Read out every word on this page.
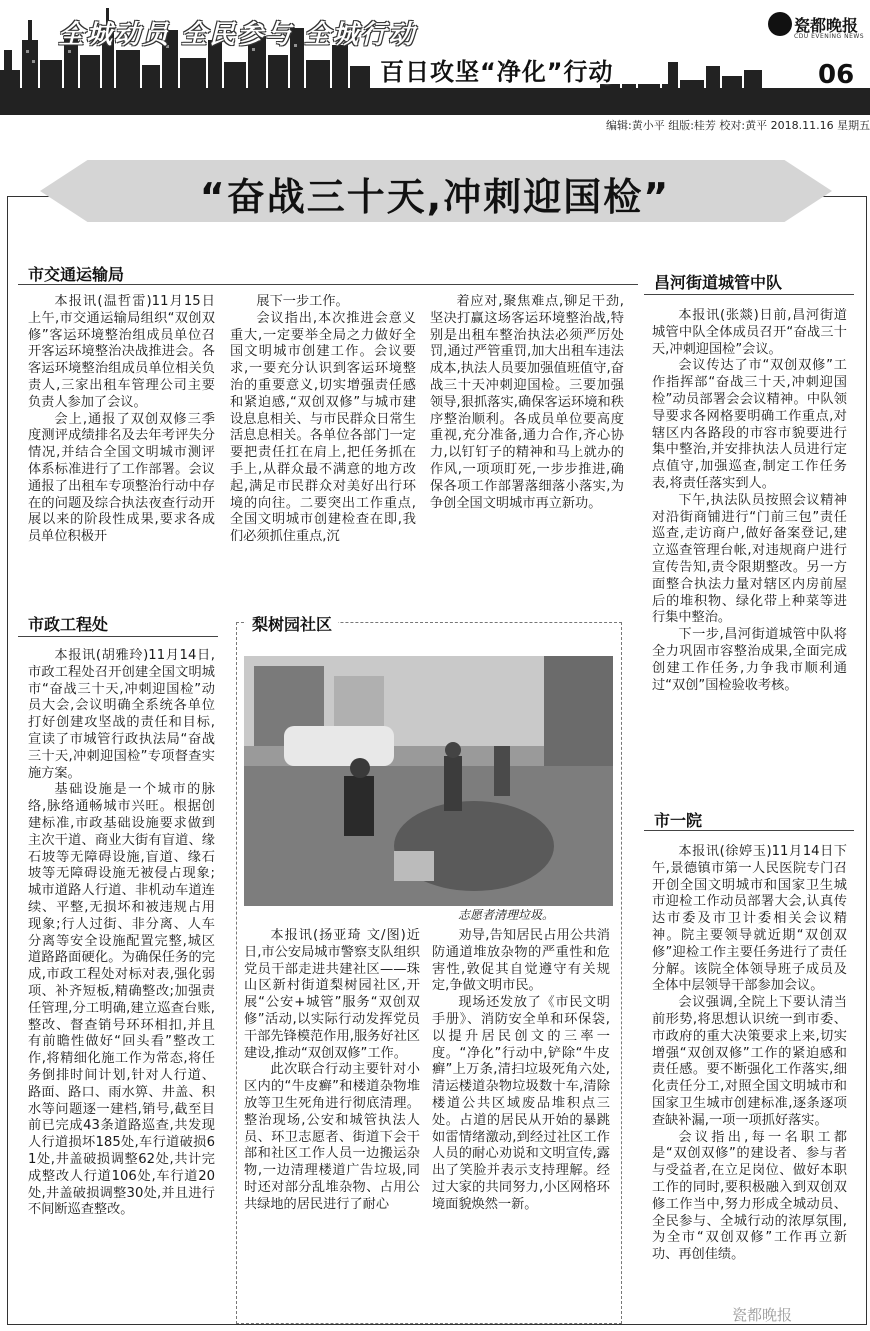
全城动员 全民参与 全城行动
百日攻坚“净化”行动
瓷都晚报
CDU EVENING NEWS
06
编辑:黄小平 组版:桂芳 校对:黄平 2018.11.16 星期五
“奋战三十天,冲刺迎国检”
市交通运输局

本报讯(温哲雷)11月15日上午,市交通运输局组织“双创双修”客运环境整治组成员单位召开客运环境整治决战推进会。各客运环境整治组成员单位相关负责人,三家出租车管理公司主要负责人参加了会议。

会上,通报了双创双修三季度测评成绩排名及去年考评失分情况,并结合全国文明城市测评体系标准进行了工作部署。会议通报了出租车专项整治行动中存在的问题及综合执法夜查行动开展以来的阶段性成果,要求各成员单位积极开

展下一步工作。

会议指出,本次推进会意义重大,一定要举全局之力做好全国文明城市创建工作。会议要求,一要充分认识到客运环境整治的重要意义,切实增强责任感和紧迫感,“双创双修”与城市建设息息相关、与市民群众日常生活息息相关。各单位各部门一定要把责任扛在肩上,把任务抓在手上,从群众最不满意的地方改起,满足市民群众对美好出行环境的向往。二要突出工作重点,全国文明城市创建检查在即,我们必须抓住重点,沉

着应对,聚焦难点,铆足干劲,坚决打赢这场客运环境整治战,特别是出租车整治执法必须严厉处罚,通过严管重罚,加大出租车违法成本,执法人员要加强值班值守,奋战三十天冲刺迎国检。三要加强领导,狠抓落实,确保客运环境和秩序整治顺利。各成员单位要高度重视,充分准备,通力合作,齐心协力,以钉钉子的精神和马上就办的作风,一项项盯死,一步步推进,确保各项工作部署落细落小落实,为争创全国文明城市再立新功。

市政工程处

本报讯(胡雅玲)11月14日,市政工程处召开创建全国文明城市“奋战三十天,冲刺迎国检”动员大会,会议明确全系统各单位打好创建攻坚战的责任和目标,宣读了市城管行政执法局“奋战三十天,冲刺迎国检”专项督查实施方案。

基础设施是一个城市的脉络,脉络通畅城市兴旺。根据创建标准,市政基础设施要求做到主次干道、商业大街有盲道、缘石坡等无障碍设施,盲道、缘石坡等无障碍设施无被侵占现象;城市道路人行道、非机动车道连续、平整,无损坏和被违规占用现象;行人过街、非分离、人车分离等安全设施配置完整,城区道路路面硬化。为确保任务的完成,市政工程处对标对表,强化弱项、补齐短板,精确整改;加强责任管理,分工明确,建立巡查台账,整改、督查销号环环相扣,并且有前瞻性做好“回头看”整改工作,将精细化施工作为常态,将任务倒排时间计划,针对人行道、路面、路口、雨水箅、井盖、积水等问题逐一建档,销号,截至目前已完成43条道路巡查,共发现人行道损坏185处,车行道破损61处,井盖破损调整62处,共计完成整改人行道106处,车行道20处,井盖破损调整30处,并且进行不间断巡查整改。

梨树园社区
志愿者清理垃圾。

本报讯(扬亚琦 文/图)近日,市公安局城市警察支队组织党员干部走进共建社区——珠山区新村街道梨树园社区,开展“公安+城管”服务“双创双修”活动,以实际行动发挥党员干部先锋模范作用,服务好社区建设,推动“双创双修”工作。

此次联合行动主要针对小区内的“牛皮癣”和楼道杂物堆放等卫生死角进行彻底清理。整治现场,公安和城管执法人员、环卫志愿者、街道下会干部和社区工作人员一边搬运杂物,一边清理楼道广告垃圾,同时还对部分乱堆杂物、占用公共绿地的居民进行了耐心

劝导,告知居民占用公共消防通道堆放杂物的严重性和危害性,敦促其自觉遵守有关规定,争做文明市民。

现场还发放了《市民文明手册》、消防安全单和环保袋,以提升居民创文的三率一度。“净化”行动中,铲除“牛皮癣”上万条,清扫垃圾死角六处,清运楼道杂物垃圾数十车,清除楼道公共区域废品堆积点三处。占道的居民从开始的暴跳如雷情绪激动,到经过社区工作人员的耐心劝说和文明宣传,露出了笑脸并表示支持理解。经过大家的共同努力,小区网格环境面貌焕然一新。

昌河街道城管中队

本报讯(张燚)日前,昌河街道城管中队全体成员召开“奋战三十天,冲刺迎国检”会议。

会议传达了市“双创双修”工作指挥部“奋战三十天,冲刺迎国检”动员部署会会议精神。中队领导要求各网格要明确工作重点,对辖区内各路段的市容市貌要进行集中整治,并安排执法人员进行定点值守,加强巡查,制定工作任务表,将责任落实到人。

下午,执法队员按照会议精神对沿街商铺进行“门前三包”责任巡查,走访商户,做好备案登记,建立巡查管理台帐,对违规商户进行宣传告知,责令限期整改。另一方面整合执法力量对辖区内房前屋后的堆积物、绿化带上种菜等进行集中整治。

下一步,昌河街道城管中队将全力巩固市容整治成果,全面完成创建工作任务,力争我市顺利通过“双创”国检验收考核。

市一院

本报讯(徐婷玉)11月14日下午,景德镇市第一人民医院专门召开创全国文明城市和国家卫生城市迎检工作动员部署大会,认真传达市委及市卫计委相关会议精神。院主要领导就近期“双创双修”迎检工作主要任务进行了责任分解。该院全体领导班子成员及全体中层领导干部参加会议。

会议强调,全院上下要认清当前形势,将思想认识统一到市委、市政府的重大决策要求上来,切实增强“双创双修”工作的紧迫感和责任感。要不断强化工作落实,细化责任分工,对照全国文明城市和国家卫生城市创建标准,逐条逐项查缺补漏,一项一项抓好落实。

会议指出,每一名职工都是“双创双修”的建设者、参与者与受益者,在立足岗位、做好本职工作的同时,要积极融入到双创双修工作当中,努力形成全城动员、全民参与、全城行动的浓厚氛围,为全市“双创双修”工作再立新功、再创佳绩。

瓷都晚报
